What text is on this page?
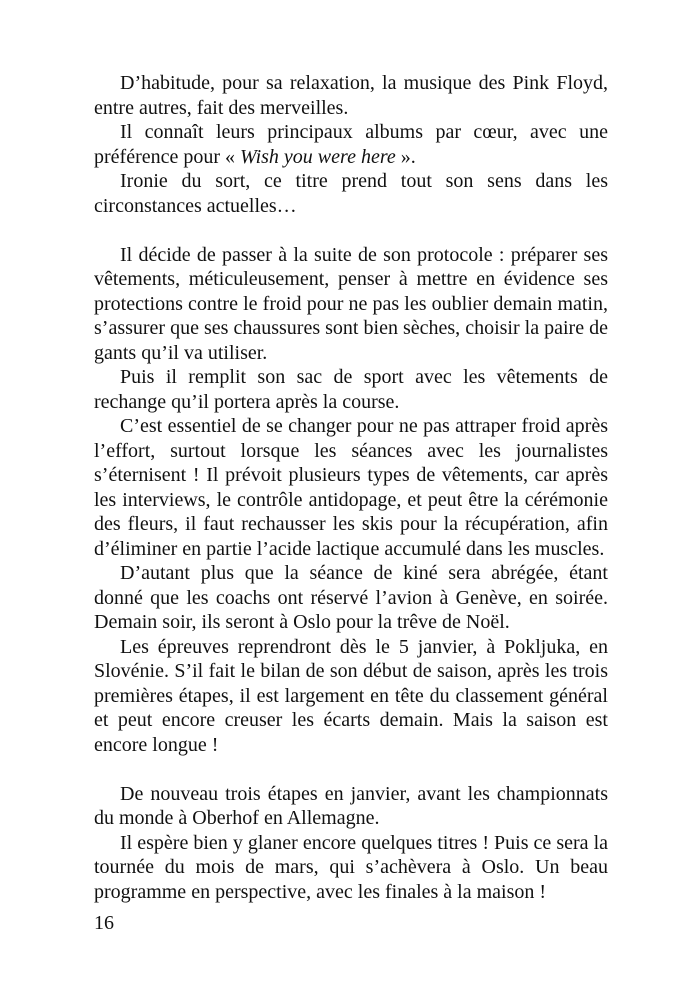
D’habitude, pour sa relaxation, la musique des Pink Floyd, entre autres, fait des merveilles.

Il connaît leurs principaux albums par cœur, avec une préférence pour « Wish you were here ».

Ironie du sort, ce titre prend tout son sens dans les circonstances actuelles…

Il décide de passer à la suite de son protocole : préparer ses vêtements, méticuleusement, penser à mettre en évidence ses protections contre le froid pour ne pas les oublier demain matin, s’assurer que ses chaussures sont bien sèches, choisir la paire de gants qu’il va utiliser.

Puis il remplit son sac de sport avec les vêtements de rechange qu’il portera après la course.

C’est essentiel de se changer pour ne pas attraper froid après l’effort, surtout lorsque les séances avec les journalistes s’éternisent ! Il prévoit plusieurs types de vêtements, car après les interviews, le contrôle antidopage, et peut être la cérémonie des fleurs, il faut rechausser les skis pour la récupération, afin d’éliminer en partie l’acide lactique accumulé dans les muscles.

D’autant plus que la séance de kiné sera abrégée, étant donné que les coachs ont réservé l’avion à Genève, en soirée. Demain soir, ils seront à Oslo pour la trêve de Noël.

Les épreuves reprendront dès le 5 janvier, à Pokljuka, en Slovénie. S’il fait le bilan de son début de saison, après les trois premières étapes, il est largement en tête du classement général et peut encore creuser les écarts demain. Mais la saison est encore longue !

De nouveau trois étapes en janvier, avant les championnats du monde à Oberhof en Allemagne.

Il espère bien y glaner encore quelques titres ! Puis ce sera la tournée du mois de mars, qui s’achèvera à Oslo. Un beau programme en perspective, avec les finales à la maison !

16
